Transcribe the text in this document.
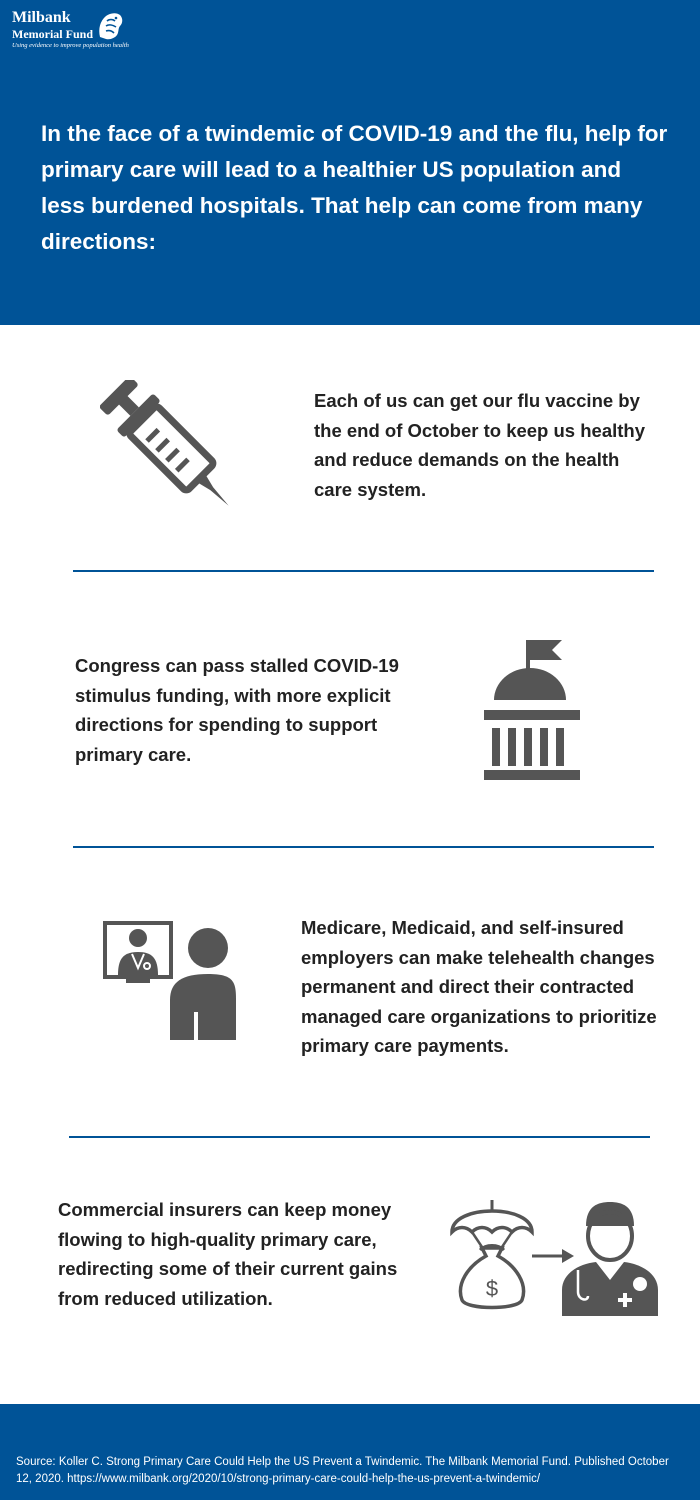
Milbank
Memorial Fund
Using evidence to improve population health

In the face of a twindemic of COVID-19 and the flu, help for primary care will lead to a healthier US population and less burdened hospitals. That help can come from many directions:

Each of us can get our flu vaccine by the end of October to keep us healthy and reduce demands on the health care system.

Congress can pass stalled COVID-19 stimulus funding, with more explicit directions for spending to support primary care.

Medicare, Medicaid, and self-insured employers can make telehealth changes permanent and direct their contracted managed care organizations to prioritize primary care payments.

Commercial insurers can keep money flowing to high-quality primary care, redirecting some of their current gains from reduced utilization.	$

Source: Koller C. Strong Primary Care Could Help the US Prevent a Twindemic. The Milbank Memorial Fund. Published October 12, 2020. https://www.milbank.org/2020/10/strong-primary-care-could-help-the-us-prevent-a-twindemic/
